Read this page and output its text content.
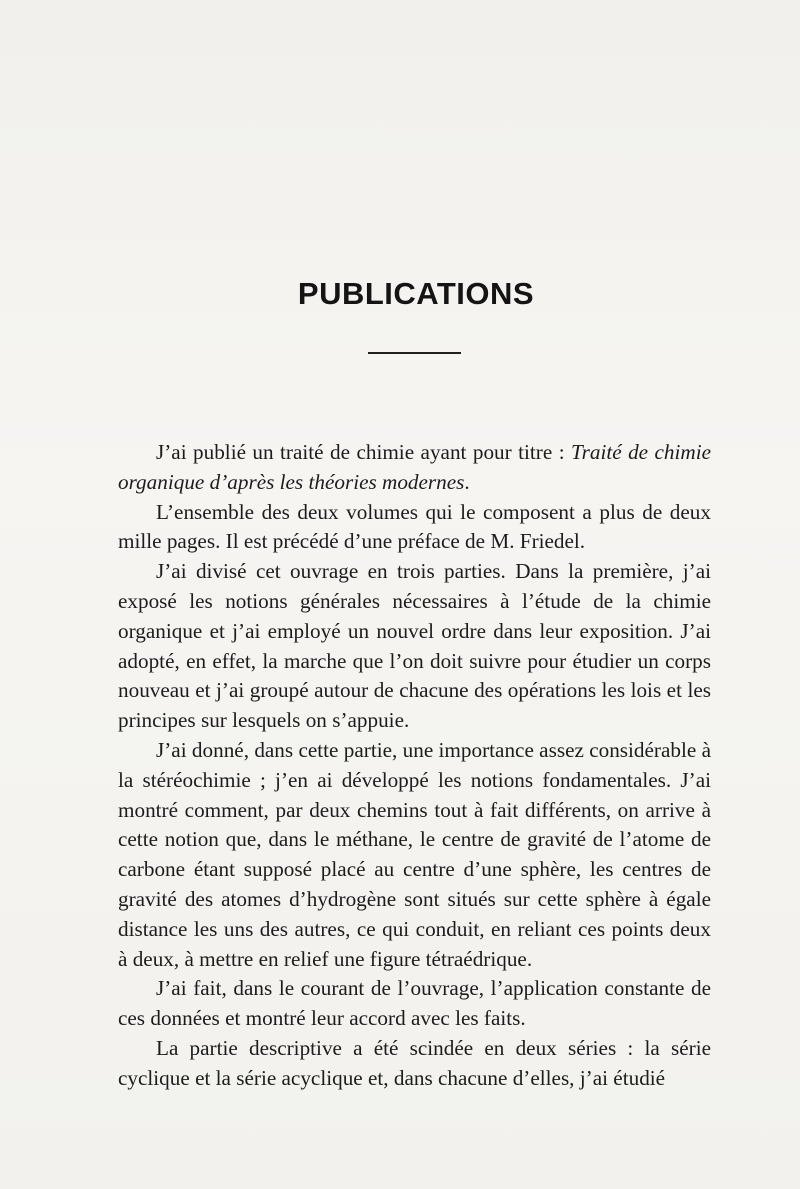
PUBLICATIONS

J’ai publié un traité de chimie ayant pour titre : Traité de chimie organique d’après les théories modernes.

L’ensemble des deux volumes qui le composent a plus de deux mille pages. Il est précédé d’une préface de M. Friedel.

J’ai divisé cet ouvrage en trois parties. Dans la première, j’ai exposé les notions générales nécessaires à l’étude de la chimie organique et j’ai employé un nouvel ordre dans leur exposition. J’ai adopté, en effet, la marche que l’on doit suivre pour étudier un corps nouveau et j’ai groupé autour de chacune des opérations les lois et les principes sur lesquels on s’appuie.

J’ai donné, dans cette partie, une importance assez considérable à la stéréochimie ; j’en ai développé les notions fondamentales. J’ai montré comment, par deux chemins tout à fait différents, on arrive à cette notion que, dans le méthane, le centre de gravité de l’atome de carbone étant supposé placé au centre d’une sphère, les centres de gravité des atomes d’hydrogène sont situés sur cette sphère à égale distance les uns des autres, ce qui conduit, en reliant ces points deux à deux, à mettre en relief une figure tétraédrique.

J’ai fait, dans le courant de l’ouvrage, l’application constante de ces données et montré leur accord avec les faits.

La partie descriptive a été scindée en deux séries : la série cyclique et la série acyclique et, dans chacune d’elles, j’ai étudié
